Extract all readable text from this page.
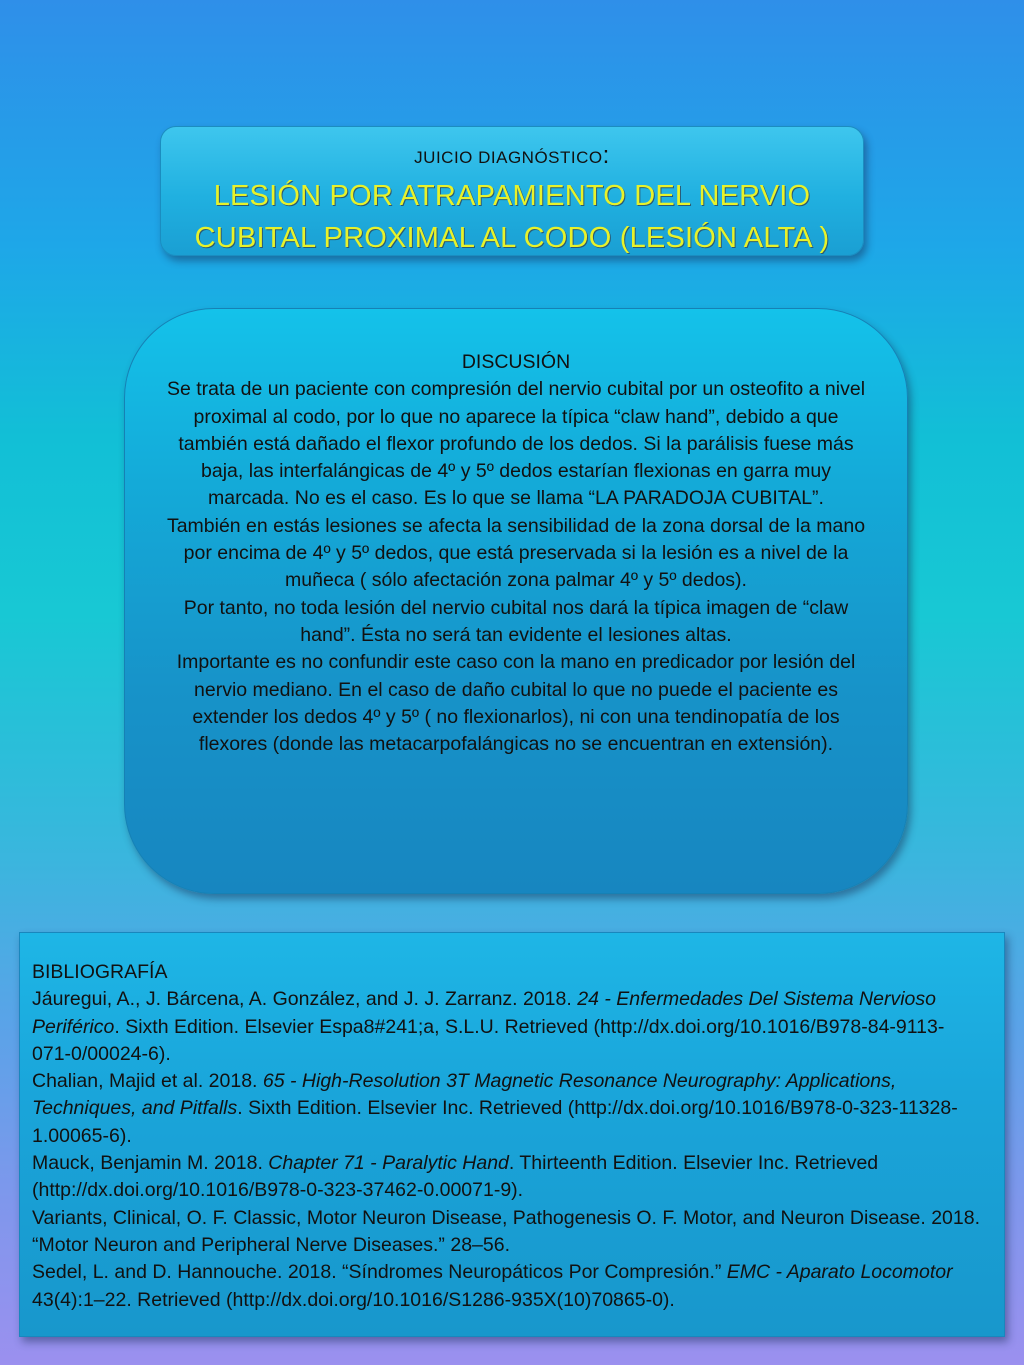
JUICIO DIAGNÓSTICO:
LESIÓN POR ATRAPAMIENTO DEL NERVIO
CUBITAL PROXIMAL AL CODO (LESIÓN ALTA )

DISCUSIÓN

Se trata de un paciente con compresión del nervio cubital por un osteofito a nivel proximal al codo, por lo que no aparece la típica “claw hand”, debido a que también está dañado el flexor profundo de los dedos. Si la parálisis fuese más baja, las interfalángicas de 4º y 5º dedos estarían flexionas en garra muy marcada. No es el caso. Es lo que se llama “LA PARADOJA CUBITAL”.

También en estás lesiones se afecta la sensibilidad de la zona dorsal de la mano por encima de 4º y 5º dedos, que está preservada si la lesión es a nivel de la muñeca ( sólo afectación zona palmar 4º y 5º dedos).

Por tanto, no toda lesión del nervio cubital nos dará la típica imagen de “claw hand”. Ésta no será tan evidente el lesiones altas.

Importante es no confundir este caso con la mano en predicador por lesión del nervio mediano. En el caso de daño cubital lo que no puede el paciente es extender los dedos 4º y 5º ( no flexionarlos), ni con una tendinopatía de los flexores (donde las metacarpofalángicas no se encuentran en extensión).

BIBLIOGRAFÍA

Jáuregui, A., J. Bárcena, A. González, and J. J. Zarranz. 2018. 24 - Enfermedades Del Sistema Nervioso Periférico. Sixth Edition. Elsevier Espa8#241;a, S.L.U. Retrieved (http://dx.doi.org/10.1016/B978-84-9113-071-0/00024-6).

Chalian, Majid et al. 2018. 65 - High-Resolution 3T Magnetic Resonance Neurography: Applications, Techniques, and Pitfalls. Sixth Edition. Elsevier Inc. Retrieved (http://dx.doi.org/10.1016/B978-0-323-11328-1.00065-6).

Mauck, Benjamin M. 2018. Chapter 71 - Paralytic Hand. Thirteenth Edition. Elsevier Inc. Retrieved (http://dx.doi.org/10.1016/B978-0-323-37462-0.00071-9).

Variants, Clinical, O. F. Classic, Motor Neuron Disease, Pathogenesis O. F. Motor, and Neuron Disease. 2018. “Motor Neuron and Peripheral Nerve Diseases.” 28–56.

Sedel, L. and D. Hannouche. 2018. “Síndromes Neuropáticos Por Compresión.” EMC - Aparato Locomotor 43(4):1–22. Retrieved (http://dx.doi.org/10.1016/S1286-935X(10)70865-0).
